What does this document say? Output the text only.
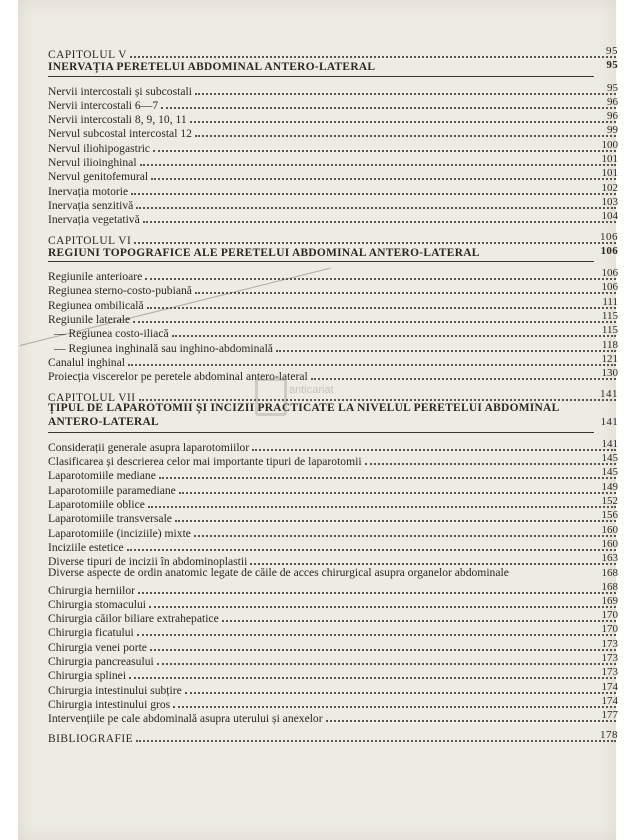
CAPITOLUL V	95
INERVAȚIA PERETELUI ABDOMINAL ANTERO-LATERAL	95
Nervii intercostali și subcostali	95
Nervii intercostali 6—7	96
Nervii intercostali 8, 9, 10, 11	96
Nervul subcostal intercostal 12	99
Nervul iliohipogastric	100
Nervul ilioinghinal	101
Nervul genitofemural	101
Inervația motorie	102
Inervația senzitivă	103
Inervația vegetativă	104
CAPITOLUL VI	106
REGIUNI TOPOGRAFICE ALE PERETELUI ABDOMINAL ANTERO-LATERAL	106
Regiunile anterioare	106
Regiunea sterno-costo-pubiană	106
Regiunea ombilicală	111
Regiunile laterale	115
— Regiunea costo-iliacă	115
— Regiunea inghinală sau inghino-abdominală	118
Canalul inghinal	121
Proiecția viscerelor pe peretele abdominal antero-lateral	130
CAPITOLUL VII	141
ȚIPUL DE LAPAROTOMII ȘI INCIZII PRACTICATE LA NIVELUL PERETELUI ABDOMINAL ANTERO-LATERAL	141
Considerații generale asupra laparotomiilor	141
Clasificarea și descrierea celor mai importante tipuri de laparotomii	145
Laparotomiile mediane	145
Laparotomiile paramediane	149
Laparotomiile oblice	152
Laparotomiile transversale	156
Laparotomiile (inciziile) mixte	160
Inciziile estetice	160
Diverse tipuri de incizii în abdominoplastii	163
Diverse aspecte de ordin anatomic legate de căile de acces chirurgical asupra organelor abdominale	168
Chirurgia herniilor	168
Chirurgia stomacului	169
Chirurgia căilor biliare extrahepatice	170
Chirurgia ficatului	170
Chirurgia venei porte	173
Chirurgia pancreasului	173
Chirurgia splinei	173
Chirurgia intestinului subțire	174
Chirurgia intestinului gros	174
Intervențiile pe cale abdominală asupra uterului și anexelor	177
BIBLIOGRAFIE	178
anticariat
